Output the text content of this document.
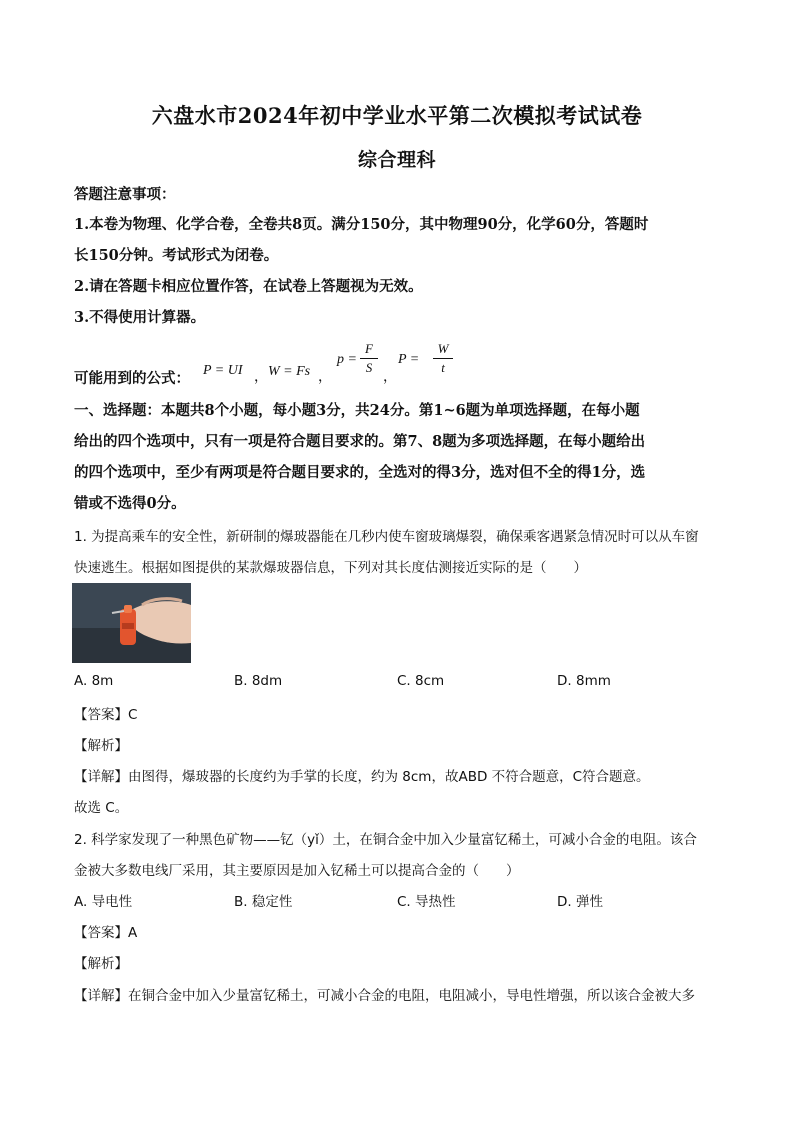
六盘水市2024年初中学业水平第二次模拟考试试卷
综合理科
答题注意事项：
1.本卷为物理、化学合卷，全卷共8页。满分150分，其中物理90分，化学60分，答题时
长150分钟。考试形式为闭卷。
2.请在答题卡相应位置作答，在试卷上答题视为无效。
3.不得使用计算器。
可能用到的公式： P = UI ， W = Fs ，
p =
F
S
，
P =
W
t
一、选择题：本题共8个小题，每小题3分，共24分。第1~6题为单项选择题，在每小题
给出的四个选项中，只有一项是符合题目要求的。第7、8题为多项选择题，在每小题给出
的四个选项中，至少有两项是符合题目要求的，全选对的得3分，选对但不全的得1分，选
错或不选得0分。
1. 为提高乘车的安全性，新研制的爆玻器能在几秒内使车窗玻璃爆裂，确保乘客遇紧急情况时可以从车窗
快速逃生。根据如图提供的某款爆玻器信息，下列对其长度估测接近实际的是（　　）
A. 8m	B. 8dm	C. 8cm	D. 8mm
【答案】C
【解析】
【详解】由图得，爆玻器的长度约为手掌的长度，约为 8cm，故ABD 不符合题意，C符合题意。
故选 C。
2. 科学家发现了一种黑色矿物——钇（yǐ）土，在铜合金中加入少量富钇稀土，可减小合金的电阻。该合
金被大多数电线厂采用，其主要原因是加入钇稀土可以提高合金的（　　）
A. 导电性	B. 稳定性	C. 导热性	D. 弹性
【答案】A
【解析】
【详解】在铜合金中加入少量富钇稀土，可减小合金的电阻，电阻减小，导电性增强，所以该合金被大多
